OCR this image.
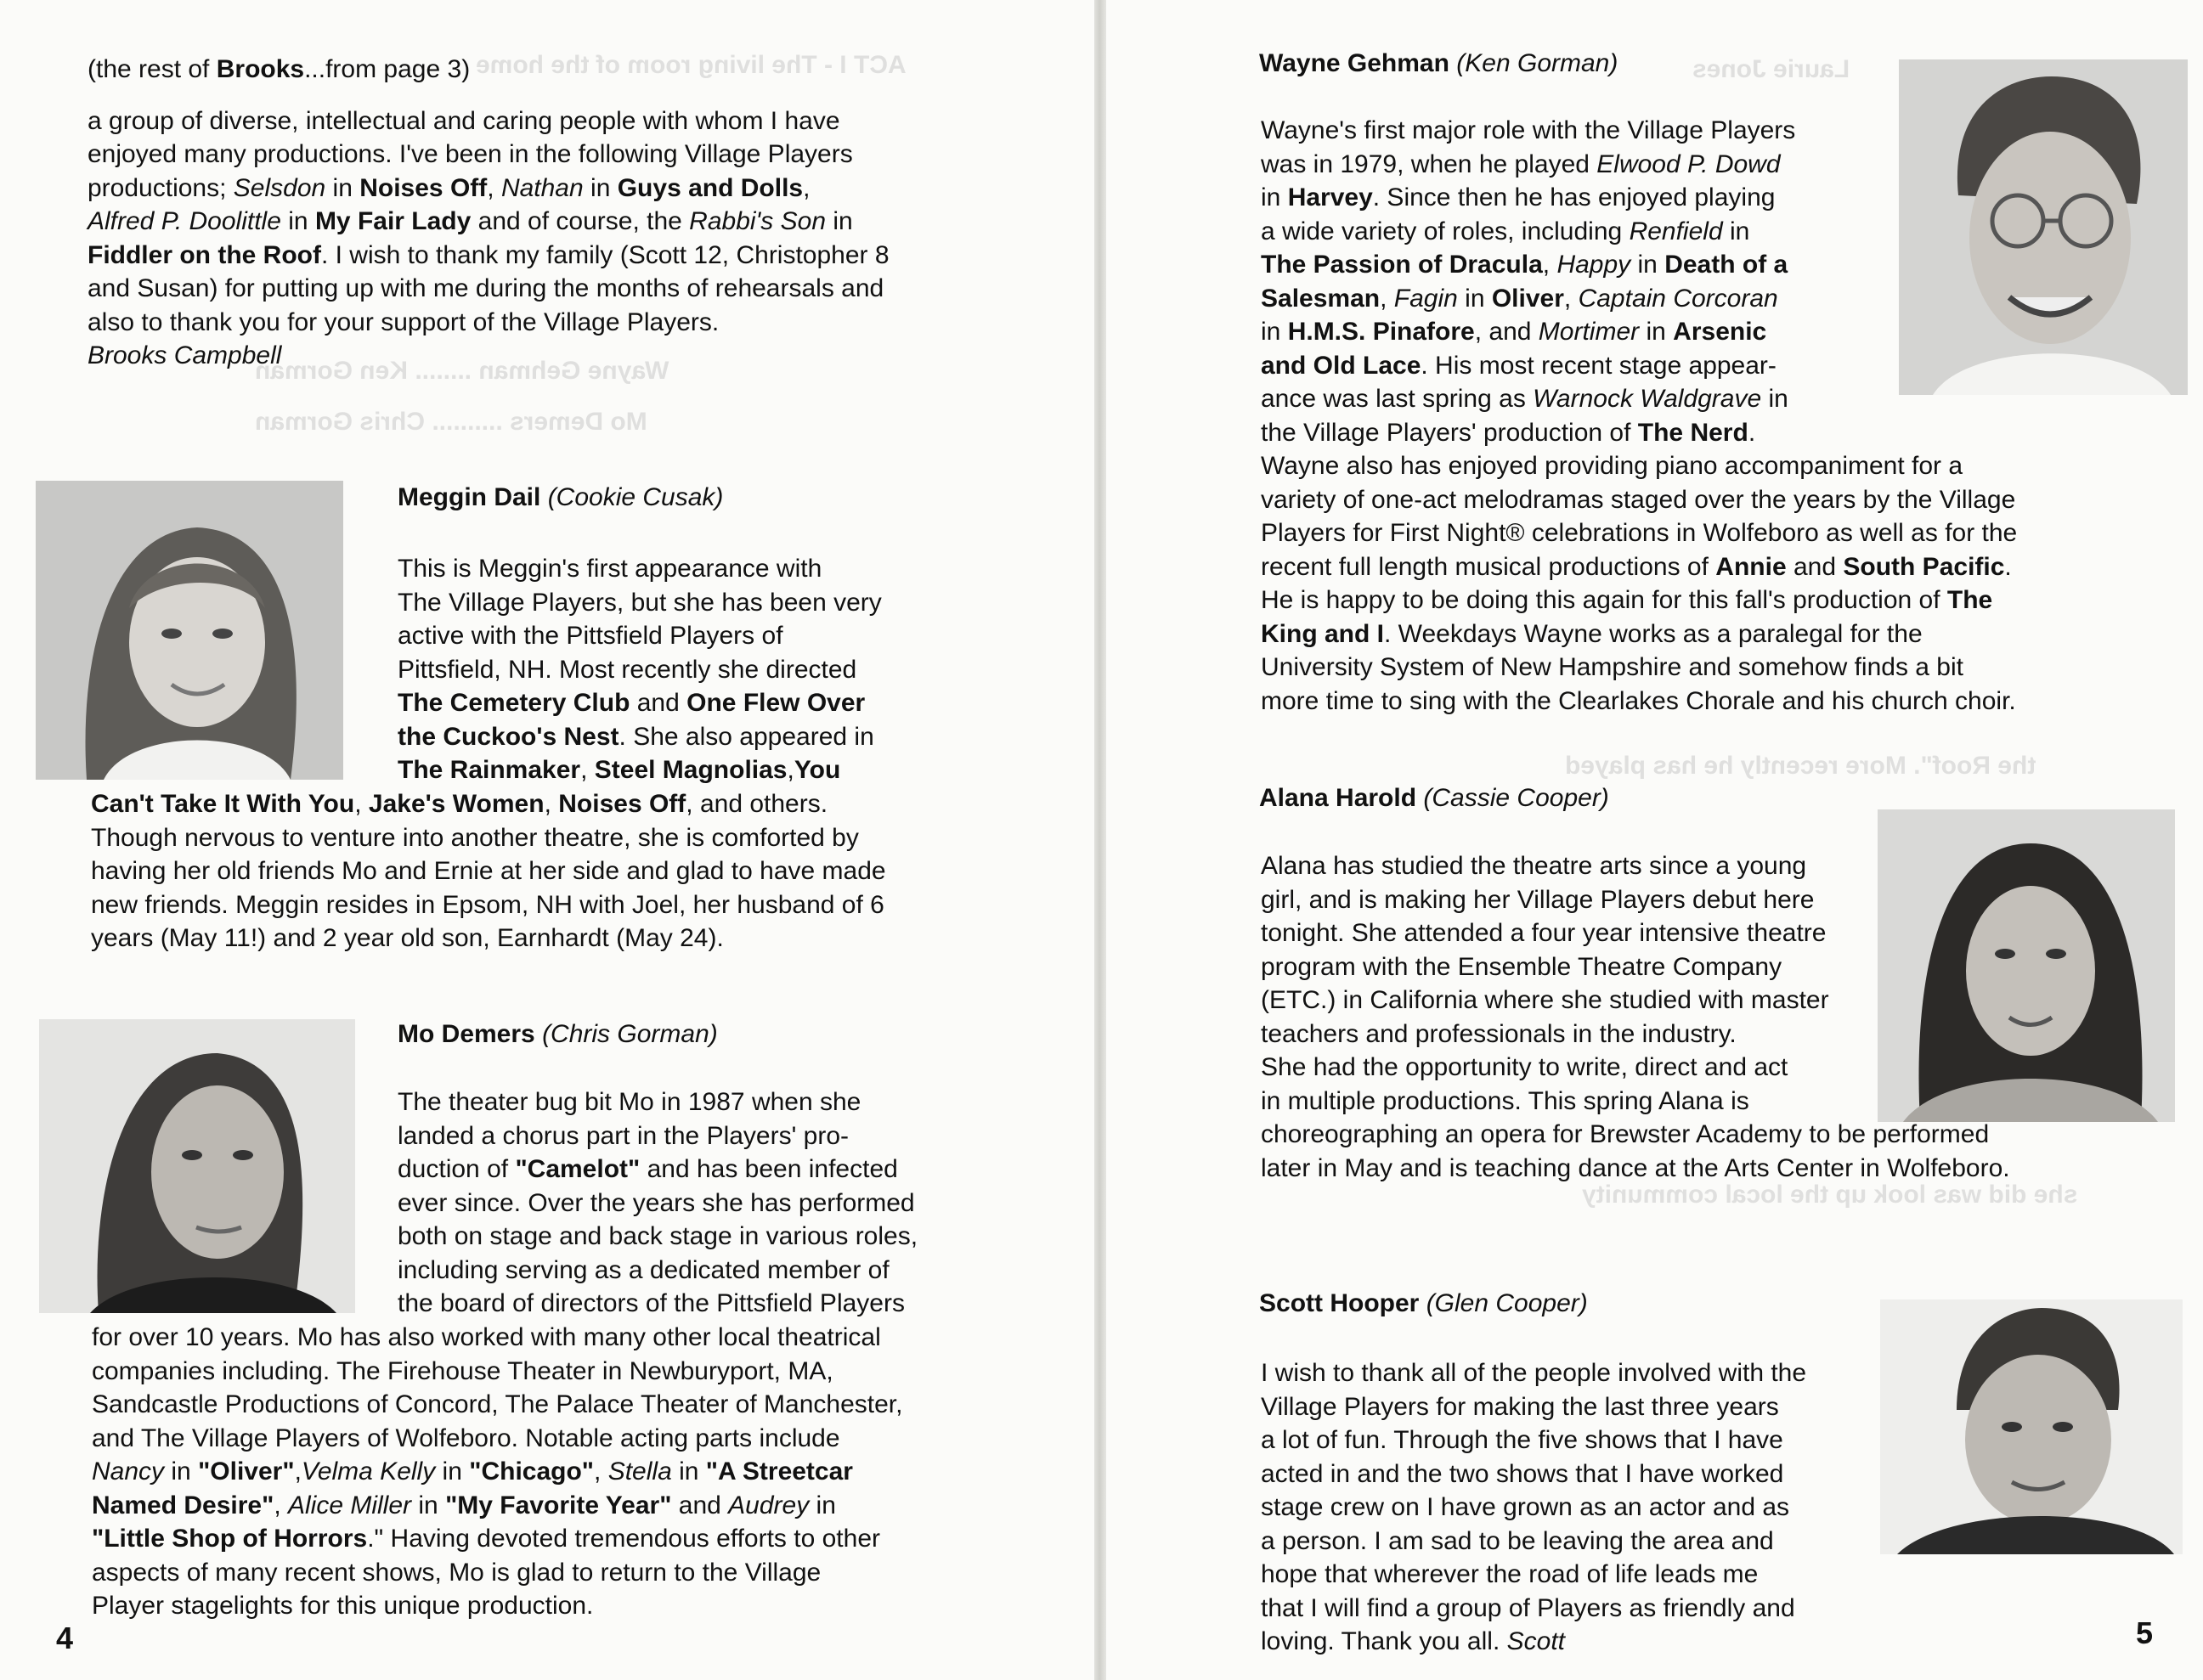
ACT I - The living room of the home
Wayne Gehman ........ Ken Gorman
Mo Demers .......... Chris Gorman

(the rest of Brooks...from page 3)

a group of diverse, intellectual and caring people with whom I have

enjoyed many productions. I've been in the following Village Players

productions; Selsdon in Noises Off, Nathan in Guys and Dolls,

Alfred P. Doolittle in My Fair Lady and of course, the Rabbi's Son in

Fiddler on the Roof. I wish to thank my family (Scott 12, Christopher 8

and Susan) for putting up with me during the months of rehearsals and

also to thank you for your support of the Village Players.

Brooks Campbell

Meggin Dail (Cookie Cusak)

This is Meggin's first appearance with

The Village Players, but she has been very

active with the Pittsfield Players of

Pittsfield, NH. Most recently she directed

The Cemetery Club and One Flew Over

the Cuckoo's Nest. She also appeared in

The Rainmaker, Steel Magnolias,You

Can't Take It With You, Jake's Women, Noises Off, and others.

Though nervous to venture into another theatre, she is comforted by

having her old friends Mo and Ernie at her side and glad to have made

new friends. Meggin resides in Epsom, NH with Joel, her husband of 6

years (May 11!) and 2 year old son, Earnhardt (May 24).

Mo Demers (Chris Gorman)

The theater bug bit Mo in 1987 when she

landed a chorus part in the Players' pro-

duction of "Camelot" and has been infected

ever since. Over the years she has performed

both on stage and back stage in various roles,

including serving as a dedicated member of

the board of directors of the Pittsfield Players

for over 10 years. Mo has also worked with many other local theatrical

companies including. The Firehouse Theater in Newburyport, MA,

Sandcastle Productions of Concord, The Palace Theater of Manchester,

and The Village Players of Wolfeboro. Notable acting parts include

Nancy in "Oliver",Velma Kelly in "Chicago", Stella in "A Streetcar

Named Desire", Alice Miller in "My Favorite Year" and Audrey in

"Little Shop of Horrors." Having devoted tremendous efforts to other

aspects of many recent shows, Mo is glad to return to the Village

Player stagelights for this unique production.

4
Laurie Jones
the Roof". More recently he has played
she did was look up the local community
Wayne Gehman (Ken Gorman)

Wayne's first major role with the Village Players

was in 1979, when he played Elwood P. Dowd

in Harvey. Since then he has enjoyed playing

a wide variety of roles, including Renfield in

The Passion of Dracula, Happy in Death of a

Salesman, Fagin in Oliver, Captain Corcoran

in H.M.S. Pinafore, and Mortimer in Arsenic

and Old Lace. His most recent stage appear-

ance was last spring as Warnock Waldgrave in

the Village Players' production of The Nerd.

Wayne also has enjoyed providing piano accompaniment for a

variety of one-act melodramas staged over the years by the Village

Players for First Night® celebrations in Wolfeboro as well as for the

recent full length musical productions of Annie and South Pacific.

He is happy to be doing this again for this fall's production of The

King and I. Weekdays Wayne works as a paralegal for the

University System of New Hampshire and somehow finds a bit

more time to sing with the Clearlakes Chorale and his church choir.

Alana Harold (Cassie Cooper)

Alana has studied the theatre arts since a young

girl, and is making her Village Players debut here

tonight. She attended a four year intensive theatre

program with the Ensemble Theatre Company

(ETC.) in California where she studied with master

teachers and professionals in the industry.

She had the opportunity to write, direct and act

in multiple productions. This spring Alana is

choreographing an opera for Brewster Academy to be performed

later in May and is teaching dance at the Arts Center in Wolfeboro.

Scott Hooper (Glen Cooper)

I wish to thank all of the people involved with the

Village Players for making the last three years

a lot of fun. Through the five shows that I have

acted in and the two shows that I have worked

stage crew on I have grown as an actor and as

a person. I am sad to be leaving the area and

hope that wherever the road of life leads me

that I will find a group of Players as friendly and

loving. Thank you all. Scott	5
